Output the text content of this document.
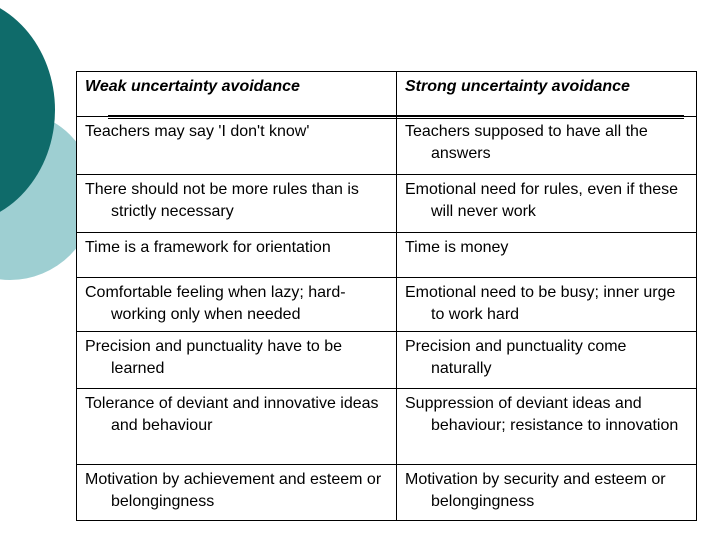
Weak uncertainty avoidance	Strong uncertainty avoidance

Teachers may say 'I don't know'	Teachers supposed to have all the answers

There should not be more rules than is strictly necessary	Emotional need for rules, even if these will never work

Time is a framework for orientation	Time is money

Comfortable feeling when lazy; hard-working only when needed	Emotional need to be busy; inner urge to work hard

Precision and punctuality have to be learned	Precision and punctuality come naturally

Tolerance of deviant and innovative ideas and behaviour	Suppression of deviant ideas and behaviour; resistance to innovation

Motivation by achievement and esteem or belongingness	Motivation by security and esteem or belongingness
